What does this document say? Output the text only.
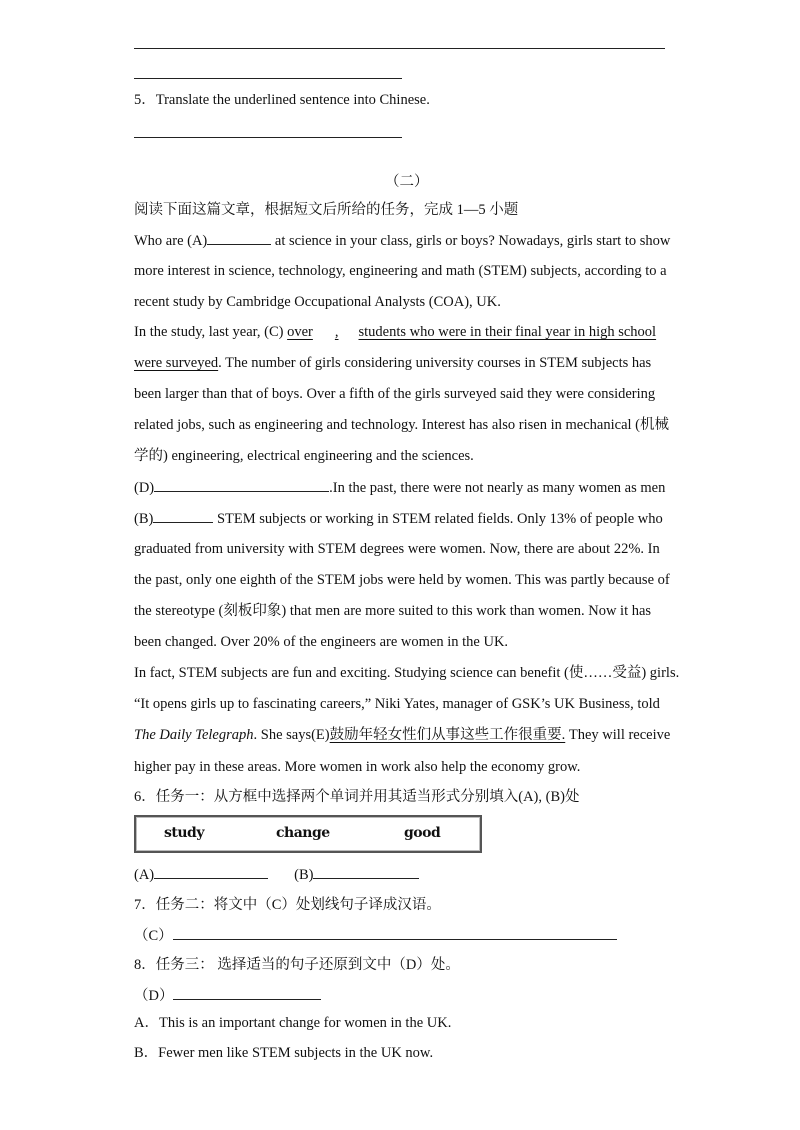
5．Translate the underlined sentence into Chinese.
（二）
阅读下面这篇文章，根据短文后所给的任务，完成 1—5 小题
Who are (A)	at science in your class, girls or boys? Nowadays, girls start to show
more interest in science, technology, engineering and math (STEM) subjects, according to a
recent study by Cambridge Occupational Analysts (COA), UK.
In the study, last year, (C) over , students who were in their final year in high school
were surveyed. The number of girls considering university courses in STEM subjects has
been larger than that of boys. Over a fifth of the girls surveyed said they were considering
related jobs, such as engineering and technology. Interest has also risen in mechanical (机械
学的) engineering, electrical engineering and the sciences.
(D)	.In the past, there were not nearly as many women as men
(B)	STEM subjects or working in STEM related fields. Only 13% of people who
graduated from university with STEM degrees were women. Now, there are about 22%. In
the past, only one eighth of the STEM jobs were held by women. This was partly because of
the stereotype (刻板印象) that men are more suited to this work than women. Now it has
been changed. Over 20% of the engineers are women in the UK.
In fact, STEM subjects are fun and exciting. Studying science can benefit (使……受益) girls.
“It opens girls up to fascinating careers,” Niki Yates, manager of GSK’s UK Business, told
The Daily Telegraph. She says(E)鼓励年轻女性们从事这些工作很重要. They will receive
higher pay in these areas. More women in work also help the economy grow.
6．任务一：从方框中选择两个单词并用其适当形式分别填入(A), (B)处
study	change	good
(A)	(B)
7．任务二：将文中（C）处划线句子译成汉语。
（C）
8．任务三： 选择适当的句子还原到文中（D）处。
（D）
A．This is an important change for women in the UK.
B．Fewer men like STEM subjects in the UK now.
